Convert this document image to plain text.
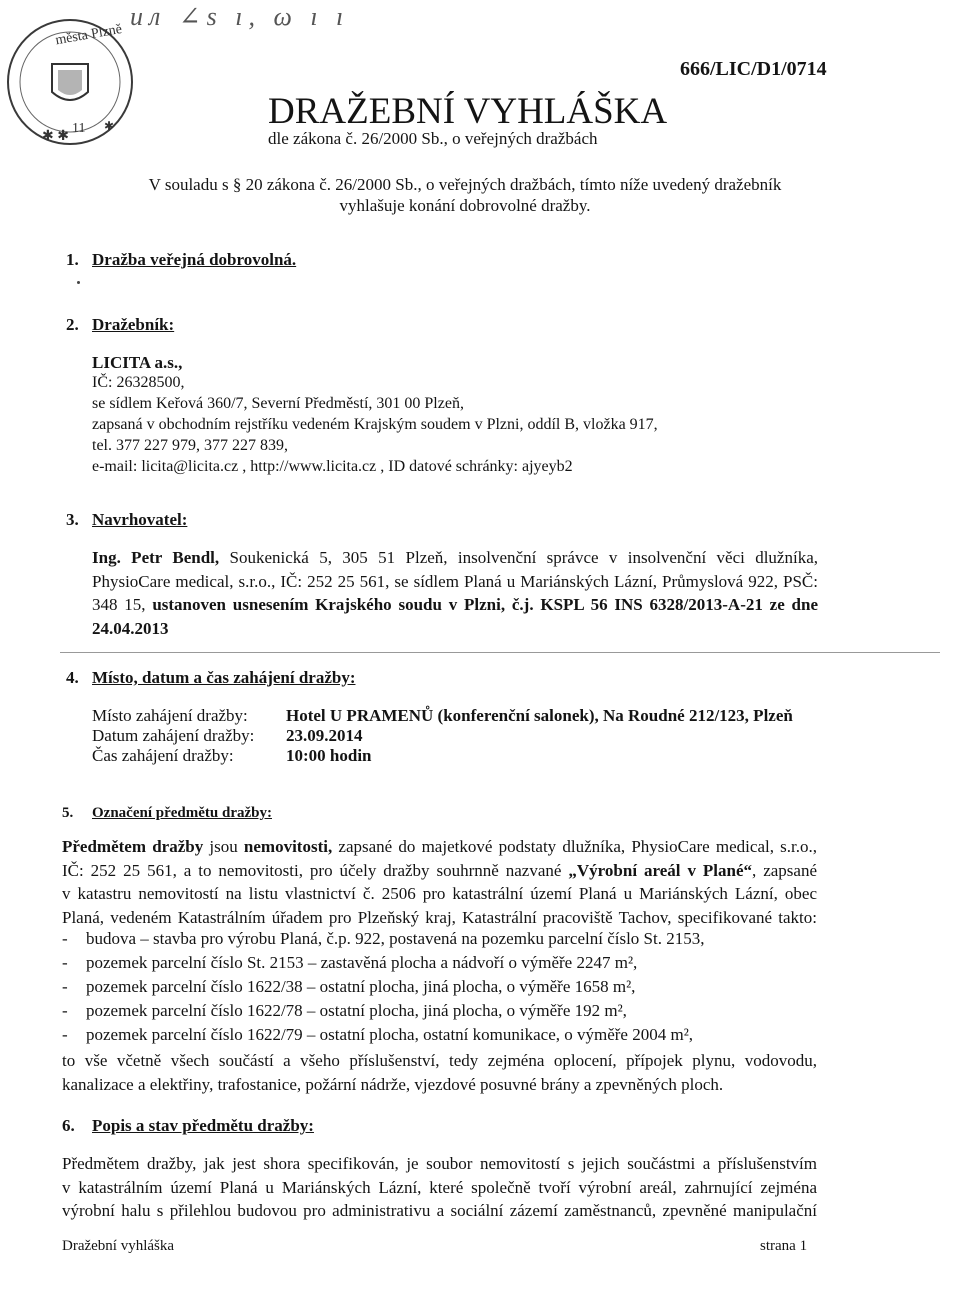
ил ∠ѕ ı, ω ı ı
města Plzně
11
✱ ✱
✱
666/LIC/D1/0714
DRAŽEBNÍ VYHLÁŠKA
dle zákona č. 26/2000 Sb., o veřejných dražbách
V souladu s § 20 zákona č. 26/2000 Sb., o veřejných dražbách, tímto níže uvedený dražebník
vyhlašuje konání dobrovolné dražby.
1. Dražba veřejná dobrovolná.
2. Dražebník:
LICITA a.s.,
IČ: 26328500,
se sídlem Keřová 360/7, Severní Předměstí, 301 00 Plzeň,
zapsaná v obchodním rejstříku vedeném Krajským soudem v Plzni, oddíl B, vložka 917,
tel. 377 227 979, 377 227 839,
e-mail: licita@licita.cz , http://www.licita.cz , ID datové schránky: ajyeyb2
3. Navrhovatel:
Ing. Petr Bendl, Soukenická 5, 305 51 Plzeň, insolvenční správce v insolvenční věci dlužníka,
PhysioCare medical, s.r.o., IČ: 252 25 561, se sídlem Planá u Mariánských Lázní, Průmyslová 922, PSČ:
348 15, ustanoven usnesením Krajského soudu v Plzni, č.j. KSPL 56 INS 6328/2013-A-21 ze dne
24.04.2013
4. Místo, datum a čas zahájení dražby:
Místo zahájení dražby: Hotel U PRAMENŮ (konferenční salonek), Na Roudné 212/123, Plzeň
Datum zahájení dražby: 23.09.2014
Čas zahájení dražby:	10:00 hodin
5. Označení předmětu dražby:
Předmětem dražby jsou nemovitosti, zapsané do majetkové podstaty dlužníka, PhysioCare medical, s.r.o.,
IČ: 252 25 561, a to nemovitosti, pro účely dražby souhrnně nazvané „Výrobní areál v Plané“, zapsané
v katastru nemovitostí na listu vlastnictví č. 2506 pro katastrální území Planá u Mariánských Lázní, obec
Planá, vedeném Katastrálním úřadem pro Plzeňský kraj, Katastrální pracoviště Tachov, specifikované takto:
- budova – stavba pro výrobu Planá, č.p. 922, postavená na pozemku parcelní číslo St. 2153,
- pozemek parcelní číslo St. 2153 – zastavěná plocha a nádvoří o výměře 2247 m²,
- pozemek parcelní číslo 1622/38 – ostatní plocha, jiná plocha, o výměře 1658 m²,
- pozemek parcelní číslo 1622/78 – ostatní plocha, jiná plocha, o výměře 192 m²,
- pozemek parcelní číslo 1622/79 – ostatní plocha, ostatní komunikace, o výměře 2004 m²,
to vše včetně všech součástí a všeho příslušenství, tedy zejména oplocení, přípojek plynu, vodovodu,
kanalizace a elektřiny, trafostanice, požární nádrže, vjezdové posuvné brány a zpevněných ploch.
6. Popis a stav předmětu dražby:
Předmětem dražby, jak jest shora specifikován, je soubor nemovitostí s jejich součástmi a příslušenstvím
v katastrálním území Planá u Mariánských Lázní, které společně tvoří výrobní areál, zahrnující zejména
výrobní halu s přilehlou budovou pro administrativu a sociální zázemí zaměstnanců, zpevněné manipulační
Dražební vyhláška	strana 1
